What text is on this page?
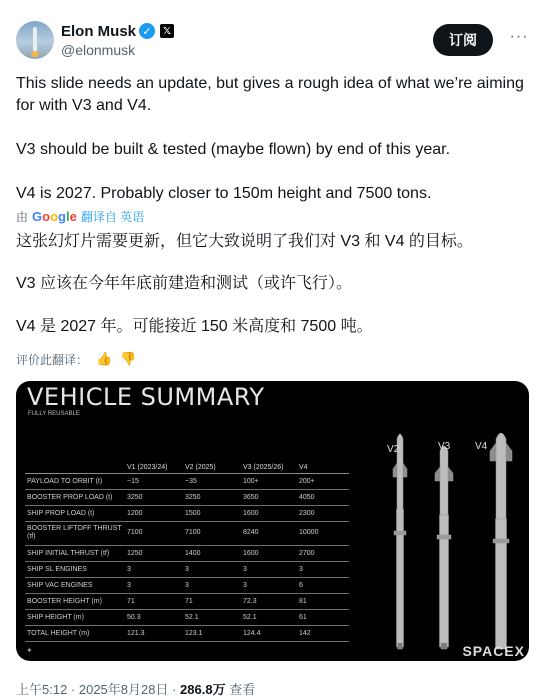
Elon Musk ✓	𝕏
@elonmusk
订阅	···
This slide needs an update, but gives a rough idea of what we’re aiming for with V3 and V4.
V3 should be built & tested (maybe flown) by end of this year.
V4 is 2027. Probably closer to 150m height and 7500 tons.
由 Google 翻译自 英语
这张幻灯片需要更新，但它大致说明了我们对 V3 和 V4 的目标。
V3 应该在今年年底前建造和测试（或许飞行）。
V4 是 2027 年。可能接近 150 米高度和 7500 吨。
评价此翻译： 👍 👎
VEHICLE SUMMARY
FULLY REUSABLE
	V1 (2023/24)	V2 (2025)	V3 (2025/26)	V4
PAYLOAD TO ORBIT (t)	~15	~35	100+	200+
BOOSTER PROP LOAD (t)	3250	3250	3650	4050
SHIP PROP LOAD (t)	1200	1500	1600	2300
BOOSTER LIFTOFF THRUST (tf)	7100	7100	8240	10000
SHIP INITIAL THRUST (tf)	1250	1400	1600	2700
SHIP SL ENGINES	3	3	3	3
SHIP VAC ENGINES	3	3	3	6
BOOSTER HEIGHT (m)	71	71	72.3	81
SHIP HEIGHT (m)	50.3	52.1	52.1	61
TOTAL HEIGHT (m)	121.3	123.1	124.4	142
V2	V3 V4
✦	SPACEX
上午5:12 · 2025年8月28日 · 286.8万 查看
